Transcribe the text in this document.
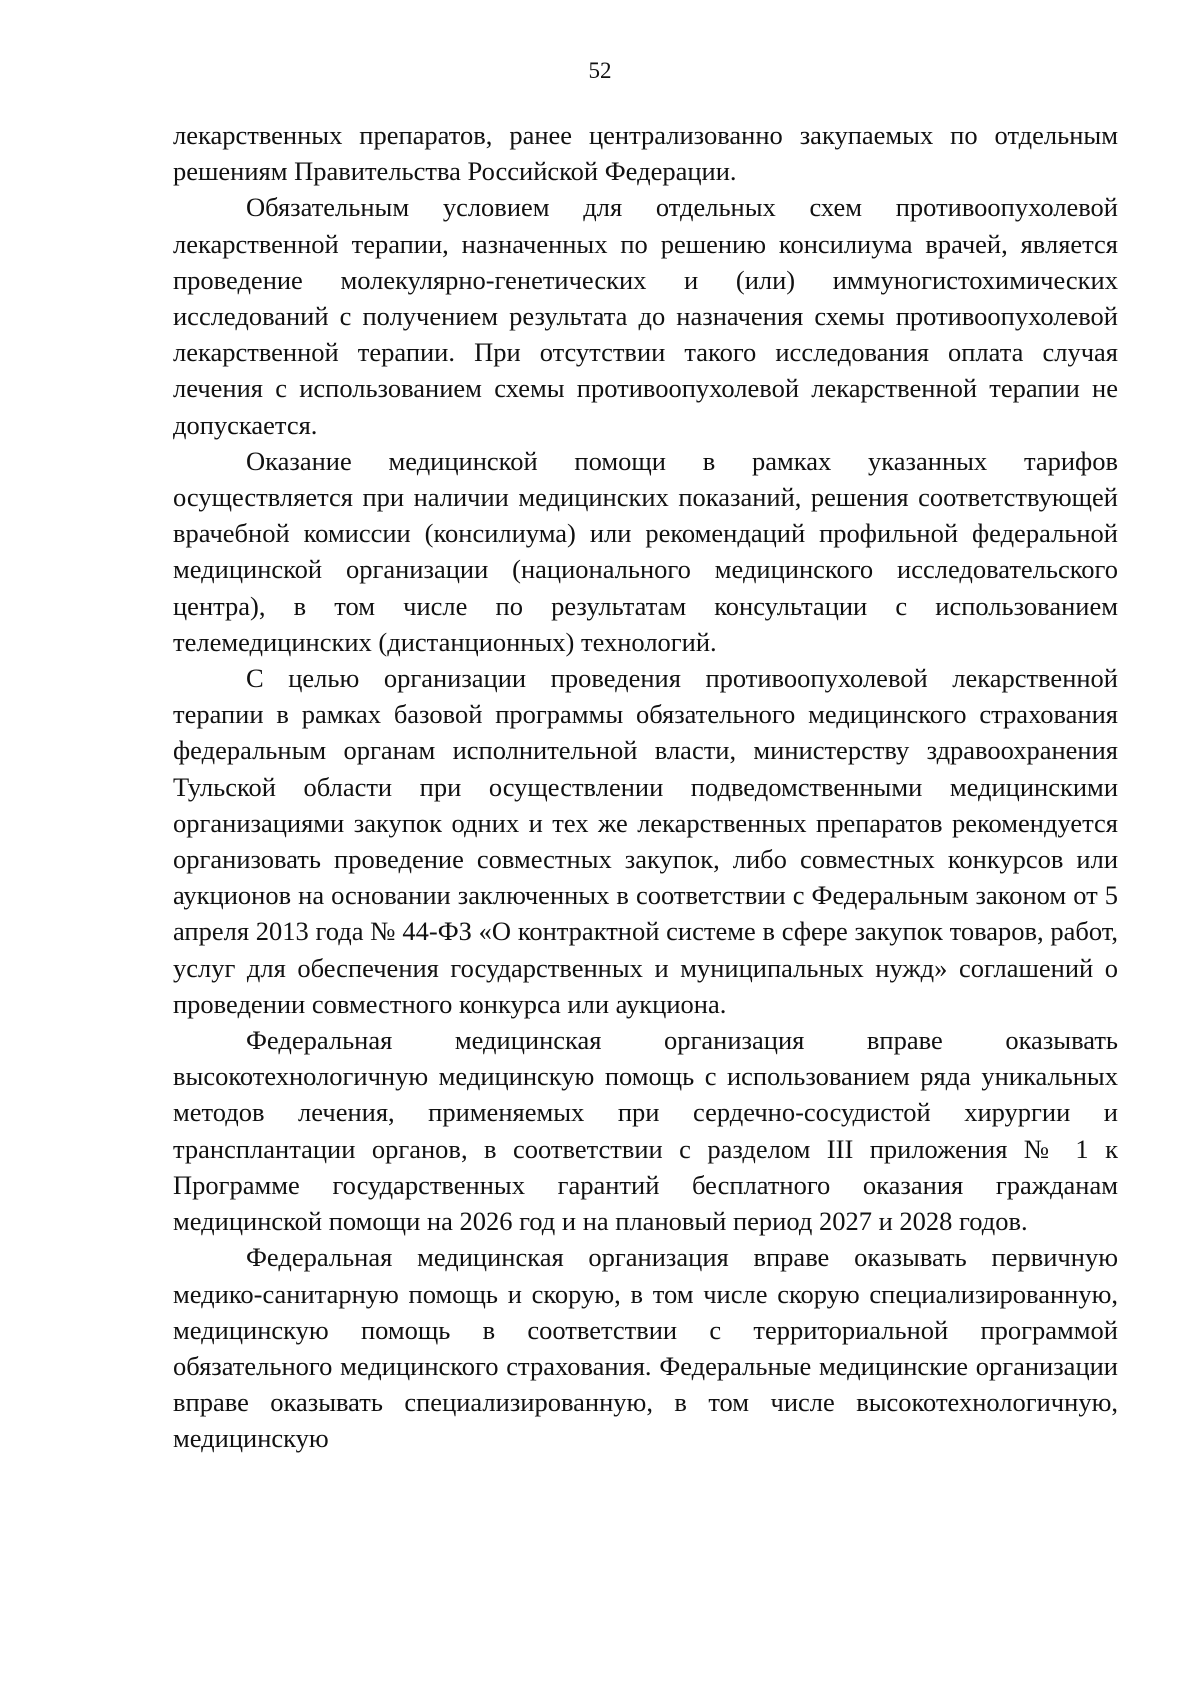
52

лекарственных препаратов, ранее централизованно закупаемых по отдельным решениям Правительства Российской Федерации.

Обязательным условием для отдельных схем противоопухолевой лекарственной терапии, назначенных по решению консилиума врачей, является проведение молекулярно-генетических и (или) иммуногистохимических исследований с получением результата до назначения схемы противоопухолевой лекарственной терапии. При отсутствии такого исследования оплата случая лечения с использованием схемы противоопухолевой лекарственной терапии не допускается.

Оказание медицинской помощи в рамках указанных тарифов осуществляется при наличии медицинских показаний, решения соответствующей врачебной комиссии (консилиума) или рекомендаций профильной федеральной медицинской организации (национального медицинского исследовательского центра), в том числе по результатам консультации с использованием телемедицинских (дистанционных) технологий.

С целью организации проведения противоопухолевой лекарственной терапии в рамках базовой программы обязательного медицинского страхования федеральным органам исполнительной власти, министерству здравоохранения Тульской области при осуществлении подведомственными медицинскими организациями закупок одних и тех же лекарственных препаратов рекомендуется организовать проведение совместных закупок, либо совместных конкурсов или аукционов на основании заключенных в соответствии с Федеральным законом от 5 апреля 2013 года № 44-ФЗ «О контрактной системе в сфере закупок товаров, работ, услуг для обеспечения государственных и муниципальных нужд» соглашений о проведении совместного конкурса или аукциона.

Федеральная медицинская организация вправе оказывать высокотехнологичную медицинскую помощь с использованием ряда уникальных методов лечения, применяемых при сердечно-сосудистой хирургии и трансплантации органов, в соответствии с разделом III приложения № 1 к Программе государственных гарантий бесплатного оказания гражданам медицинской помощи на 2026 год и на плановый период 2027 и 2028 годов.

Федеральная медицинская организация вправе оказывать первичную медико-санитарную помощь и скорую, в том числе скорую специализированную, медицинскую помощь в соответствии с территориальной программой обязательного медицинского страхования. Федеральные медицинские организации вправе оказывать специализированную, в том числе высокотехнологичную, медицинскую
